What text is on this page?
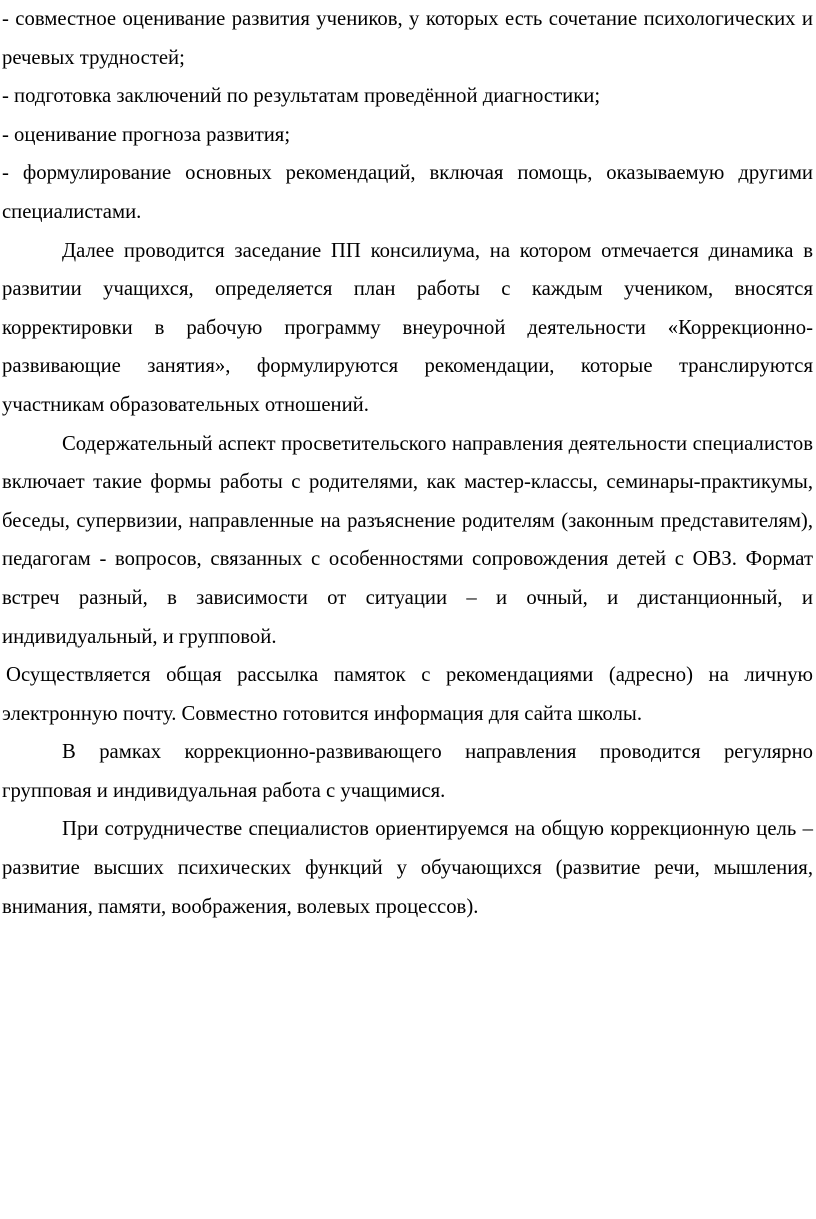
- совместное оценивание развития учеников, у которых есть сочетание психологических и речевых трудностей;

- подготовка заключений по результатам проведённой диагностики;

- оценивание прогноза развития;

- формулирование основных рекомендаций, включая помощь, оказываемую другими специалистами.

Далее проводится заседание ПП консилиума, на котором отмечается динамика в развитии учащихся, определяется план работы с каждым учеником, вносятся корректировки в рабочую программу внеурочной деятельности «Коррекционно-развивающие занятия», формулируются рекомендации, которые транслируются участникам образовательных отношений.

Содержательный аспект просветительского направления деятельности специалистов включает такие формы работы с родителями, как мастер-классы, семинары-практикумы, беседы, супервизии, направленные на разъяснение родителям (законным представителям), педагогам - вопросов, связанных с особенностями сопровождения детей с ОВЗ. Формат встреч разный, в зависимости от ситуации – и очный, и дистанционный, и индивидуальный, и групповой.

Осуществляется общая рассылка памяток с рекомендациями (адресно) на личную электронную почту. Совместно готовится информация для сайта школы.

В рамках коррекционно-развивающего направления проводится регулярно групповая и индивидуальная работа с учащимися.

При сотрудничестве специалистов ориентируемся на общую коррекционную цель – развитие высших психических функций у обучающихся (развитие речи, мышления, внимания, памяти, воображения, волевых процессов).
